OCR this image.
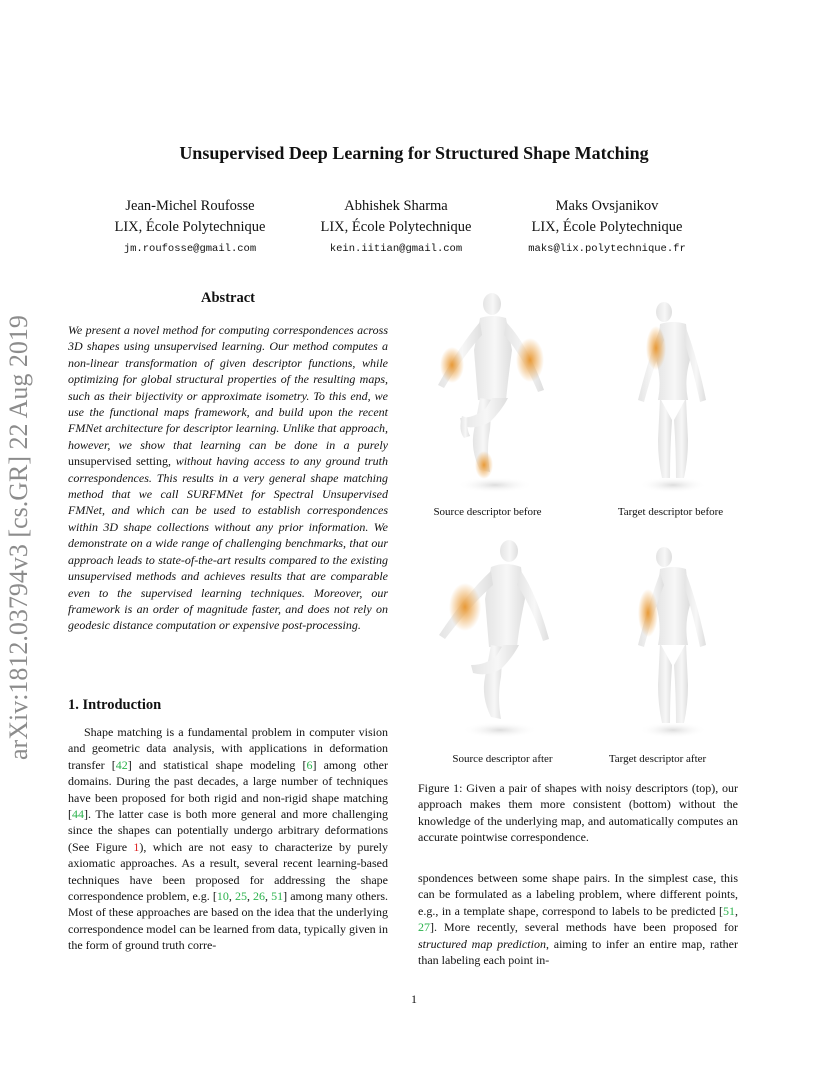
Unsupervised Deep Learning for Structured Shape Matching
Jean-Michel Roufosse
LIX, École Polytechnique
jm.roufosse@gmail.com
Abhishek Sharma
LIX, École Polytechnique
kein.iitian@gmail.com
Maks Ovsjanikov
LIX, École Polytechnique
maks@lix.polytechnique.fr
arXiv:1812.03794v3 [cs.GR] 22 Aug 2019
Abstract
We present a novel method for computing correspondences across 3D shapes using unsupervised learning. Our method computes a non-linear transformation of given descriptor functions, while optimizing for global structural properties of the resulting maps, such as their bijectivity or approximate isometry. To this end, we use the functional maps framework, and build upon the recent FMNet architecture for descriptor learning. Unlike that approach, however, we show that learning can be done in a purely unsupervised setting, without having access to any ground truth correspondences. This results in a very general shape matching method that we call SURFMNet for Spectral Unsupervised FMNet, and which can be used to establish correspondences within 3D shape collections without any prior information. We demonstrate on a wide range of challenging benchmarks, that our approach leads to state-of-the-art results compared to the existing unsupervised methods and achieves results that are comparable even to the supervised learning techniques. Moreover, our framework is an order of magnitude faster, and does not rely on geodesic distance computation or expensive post-processing.
1. Introduction

Shape matching is a fundamental problem in computer vision and geometric data analysis, with applications in deformation transfer [42] and statistical shape modeling [6] among other domains. During the past decades, a large number of techniques have been proposed for both rigid and non-rigid shape matching [44]. The latter case is both more general and more challenging since the shapes can potentially undergo arbitrary deformations (See Figure 1), which are not easy to characterize by purely axiomatic approaches. As a result, several recent learning-based techniques have been proposed for addressing the shape correspondence problem, e.g. [10, 25, 26, 51] among many others. Most of these approaches are based on the idea that the underlying correspondence model can be learned from data, typically given in the form of ground truth corre-

Source descriptor before	Target descriptor before
Source descriptor after	Target descriptor after
Figure 1: Given a pair of shapes with noisy descriptors (top), our approach makes them more consistent (bottom) without the knowledge of the underlying map, and automatically computes an accurate pointwise correspondence.
spondences between some shape pairs. In the simplest case, this can be formulated as a labeling problem, where different points, e.g., in a template shape, correspond to labels to be predicted [51, 27]. More recently, several methods have been proposed for structured map prediction, aiming to infer an entire map, rather than labeling each point in-
1
